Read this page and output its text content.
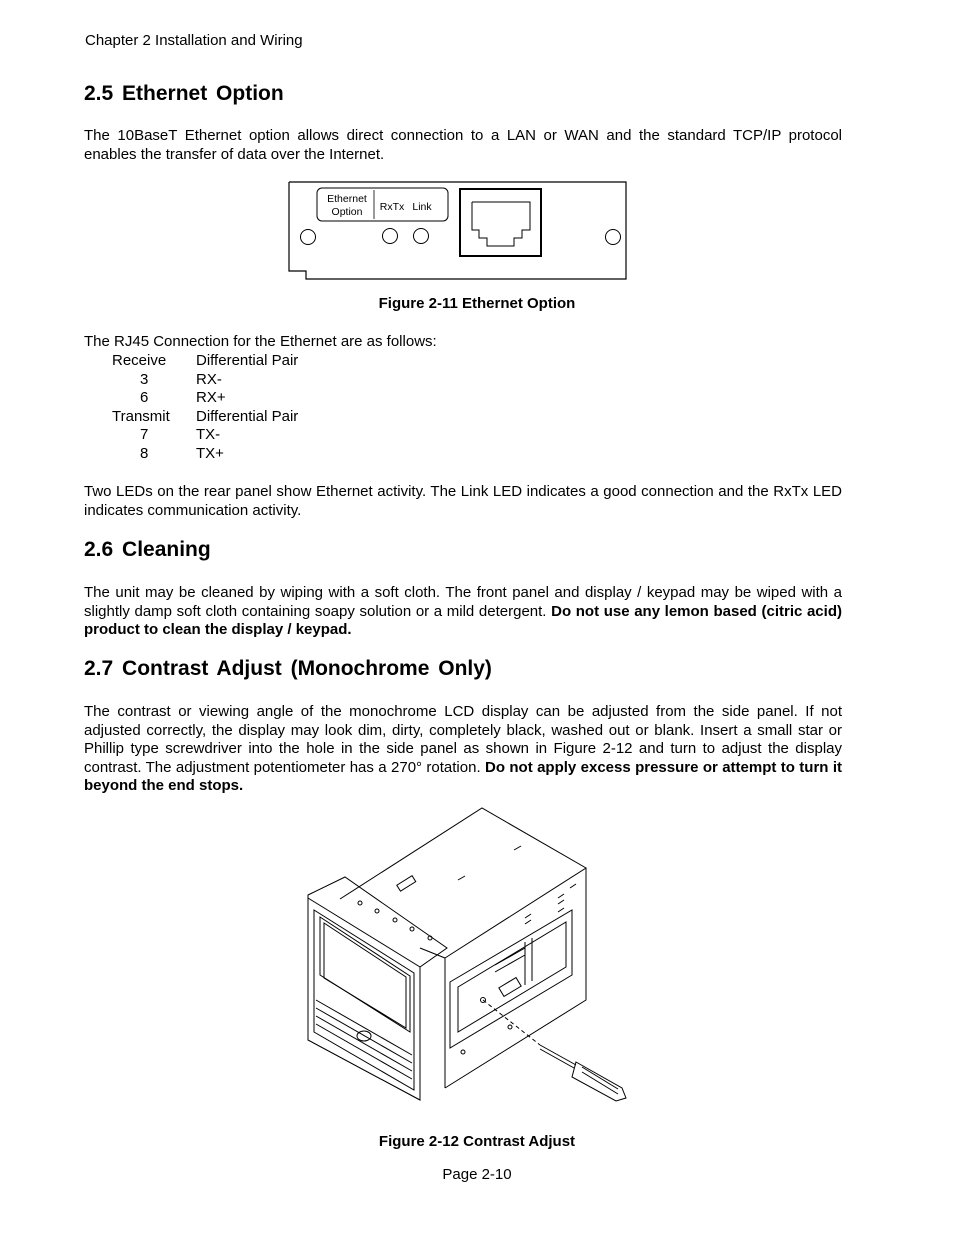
Chapter 2 Installation and Wiring
2.5 Ethernet Option

The 10BaseT Ethernet option allows direct connection to a LAN or WAN and the standard TCP/IP protocol enables the transfer of data over the Internet.

Ethernet
Option RxTx Link
Figure 2-11 Ethernet Option

The RJ45 Connection for the Ethernet are as follows:

Receive Differential Pair
3	RX-
6	RX+
Transmit Differential Pair
7	TX-
8	TX+

Two LEDs on the rear panel show Ethernet activity. The Link LED indicates a good connection and the RxTx LED indicates communication activity.

2.6 Cleaning

The unit may be cleaned by wiping with a soft cloth. The front panel and display / keypad may be wiped with a slightly damp soft cloth containing soapy solution or a mild detergent. Do not use any lemon based (citric acid) product to clean the display / keypad.

2.7 Contrast Adjust (Monochrome Only)

The contrast or viewing angle of the monochrome LCD display can be adjusted from the side panel. If not adjusted correctly, the display may look dim, dirty, completely black, washed out or blank. Insert a small star or Phillip type screwdriver into the hole in the side panel as shown in Figure 2-12 and turn to adjust the display contrast. The adjustment potentiometer has a 270° rotation. Do not apply excess pressure or attempt to turn it beyond the end stops.

Figure 2-12 Contrast Adjust
Page 2-10
